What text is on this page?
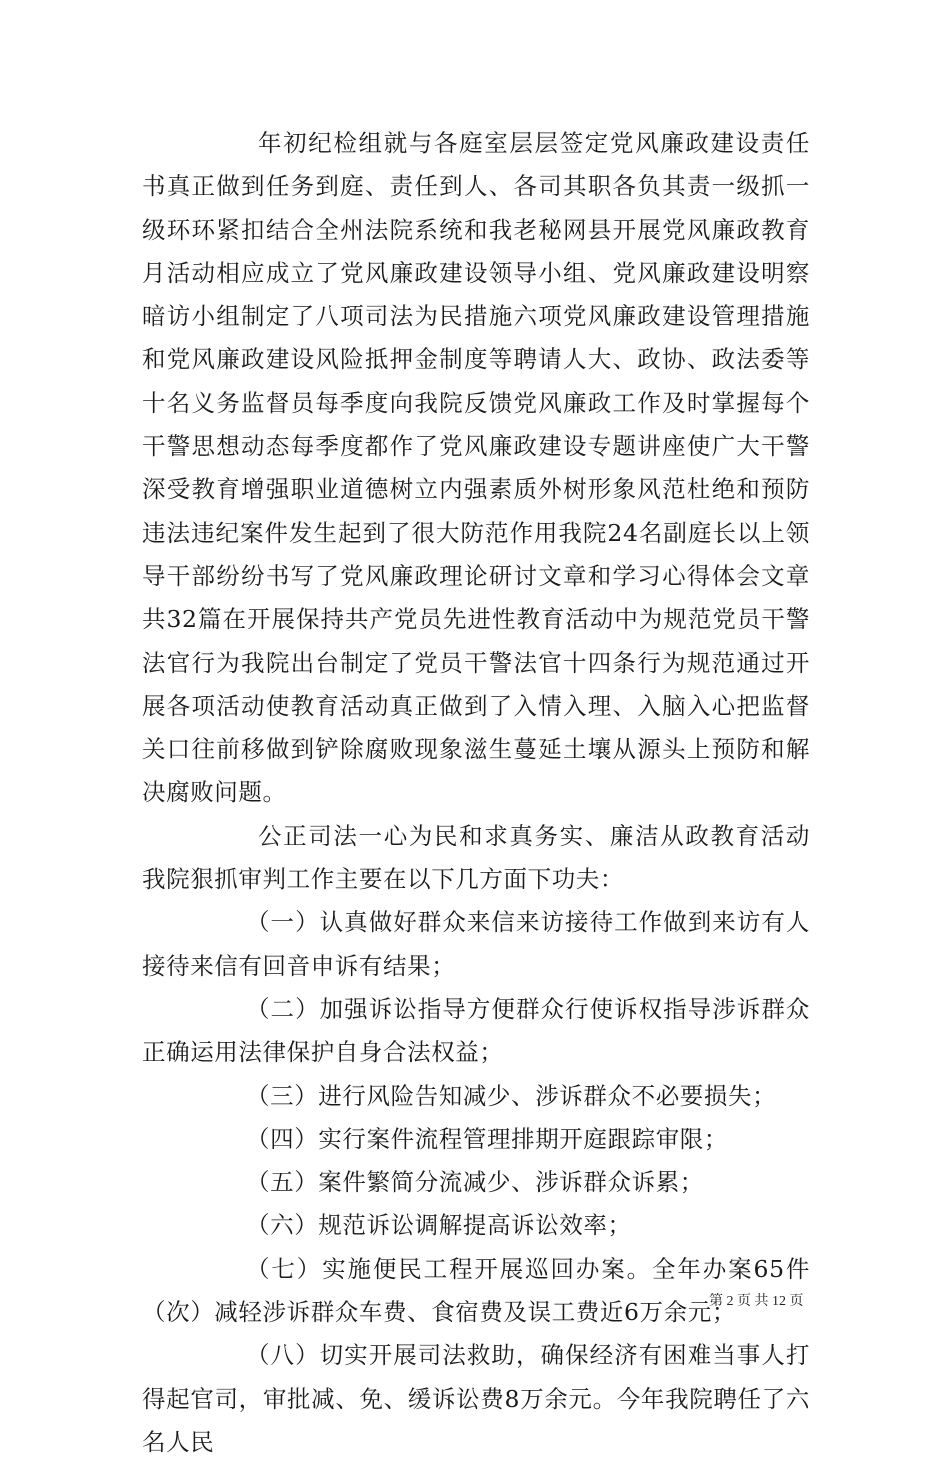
年初纪检组就与各庭室层层签定党风廉政建设责任书真正做到任务到庭、责任到人、各司其职各负其责一级抓一级环环紧扣结合全州法院系统和我老秘网县开展党风廉政教育月活动相应成立了党风廉政建设领导小组、党风廉政建设明察暗访小组制定了八项司法为民措施六项党风廉政建设管理措施和党风廉政建设风险抵押金制度等聘请人大、政协、政法委等十名义务监督员每季度向我院反馈党风廉政工作及时掌握每个干警思想动态每季度都作了党风廉政建设专题讲座使广大干警深受教育增强职业道德树立内强素质外树形象风范杜绝和预防违法违纪案件发生起到了很大防范作用我院24名副庭长以上领导干部纷纷书写了党风廉政理论研讨文章和学习心得体会文章共32篇在开展保持共产党员先进性教育活动中为规范党员干警法官行为我院出台制定了党员干警法官十四条行为规范通过开展各项活动使教育活动真正做到了入情入理、入脑入心把监督关口往前移做到铲除腐败现象滋生蔓延土壤从源头上预防和解决腐败问题。

公正司法一心为民和求真务实、廉洁从政教育活动我院狠抓审判工作主要在以下几方面下功夫：

（一）认真做好群众来信来访接待工作做到来访有人接待来信有回音申诉有结果；

（二）加强诉讼指导方便群众行使诉权指导涉诉群众正确运用法律保护自身合法权益；

（三）进行风险告知减少、涉诉群众不必要损失；

（四）实行案件流程管理排期开庭跟踪审限；

（五）案件繁简分流减少、涉诉群众诉累；

（六）规范诉讼调解提高诉讼效率；

（七）实施便民工程开展巡回办案。全年办案65件（次）减轻涉诉群众车费、食宿费及误工费近6万余元；

（八）切实开展司法救助，确保经济有困难当事人打得起官司，审批减、免、缓诉讼费8万余元。今年我院聘任了六名人民

第 2 页 共 12 页
